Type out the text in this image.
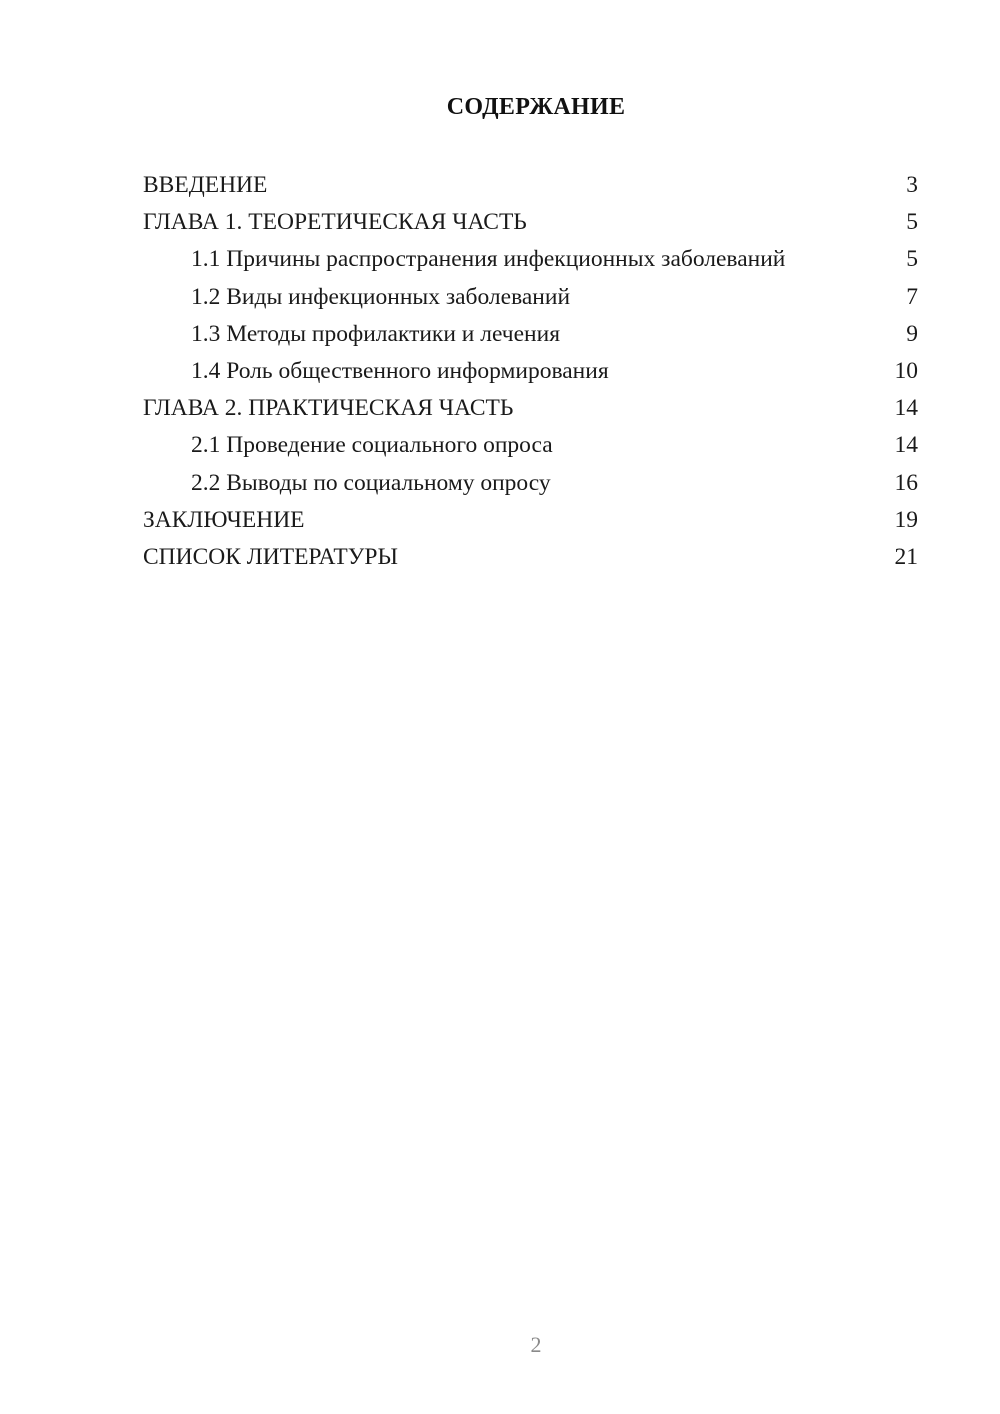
СОДЕРЖАНИЕ
ВВЕДЕНИЕ	3
ГЛАВА 1. ТЕОРЕТИЧЕСКАЯ ЧАСТЬ	5
1.1 Причины распространения инфекционных заболеваний	5
1.2 Виды инфекционных заболеваний	7
1.3 Методы профилактики и лечения	9
1.4 Роль общественного информирования	10
ГЛАВА 2. ПРАКТИЧЕСКАЯ ЧАСТЬ	14
2.1 Проведение социального опроса	14
2.2 Выводы по социальному опросу	16
ЗАКЛЮЧЕНИЕ	19
СПИСОК ЛИТЕРАТУРЫ	21
2
